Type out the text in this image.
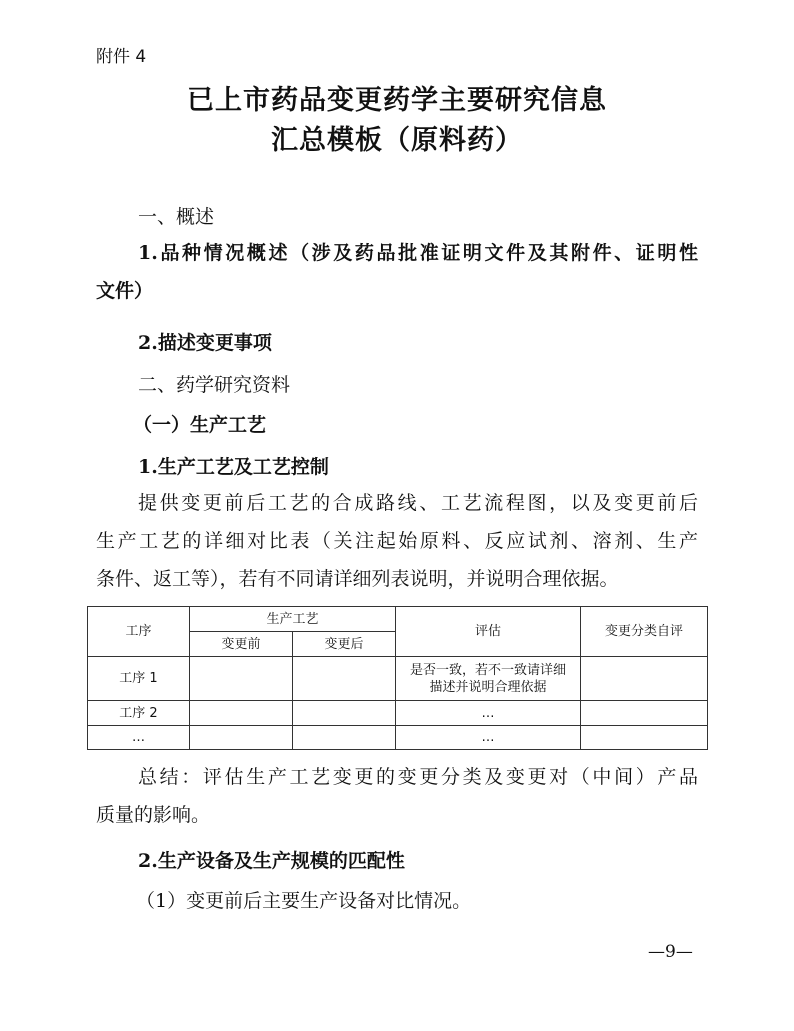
附件 4
已上市药品变更药学主要研究信息
汇总模板（原料药）
一、概述
1.品种情况概述（涉及药品批准证明文件及其附件、证明性
文件）
2.描述变更事项
二、药学研究资料
（一）生产工艺
1.生产工艺及工艺控制
提供变更前后工艺的合成路线、工艺流程图，以及变更前后
生产工艺的详细对比表（关注起始原料、反应试剂、溶剂、生产
条件、返工等），若有不同请详细列表说明，并说明合理依据。
工序	生产工艺		评估	变更分类自评
	变更前	变更后		
工序 1			是否一致，若不一致请详细
描述并说明合理依据	

工序 2			…	
…			…	
总结：评估生产工艺变更的变更分类及变更对（中间）产品
质量的影响。
2.生产设备及生产规模的匹配性
（1）变更前后主要生产设备对比情况。
—9—
